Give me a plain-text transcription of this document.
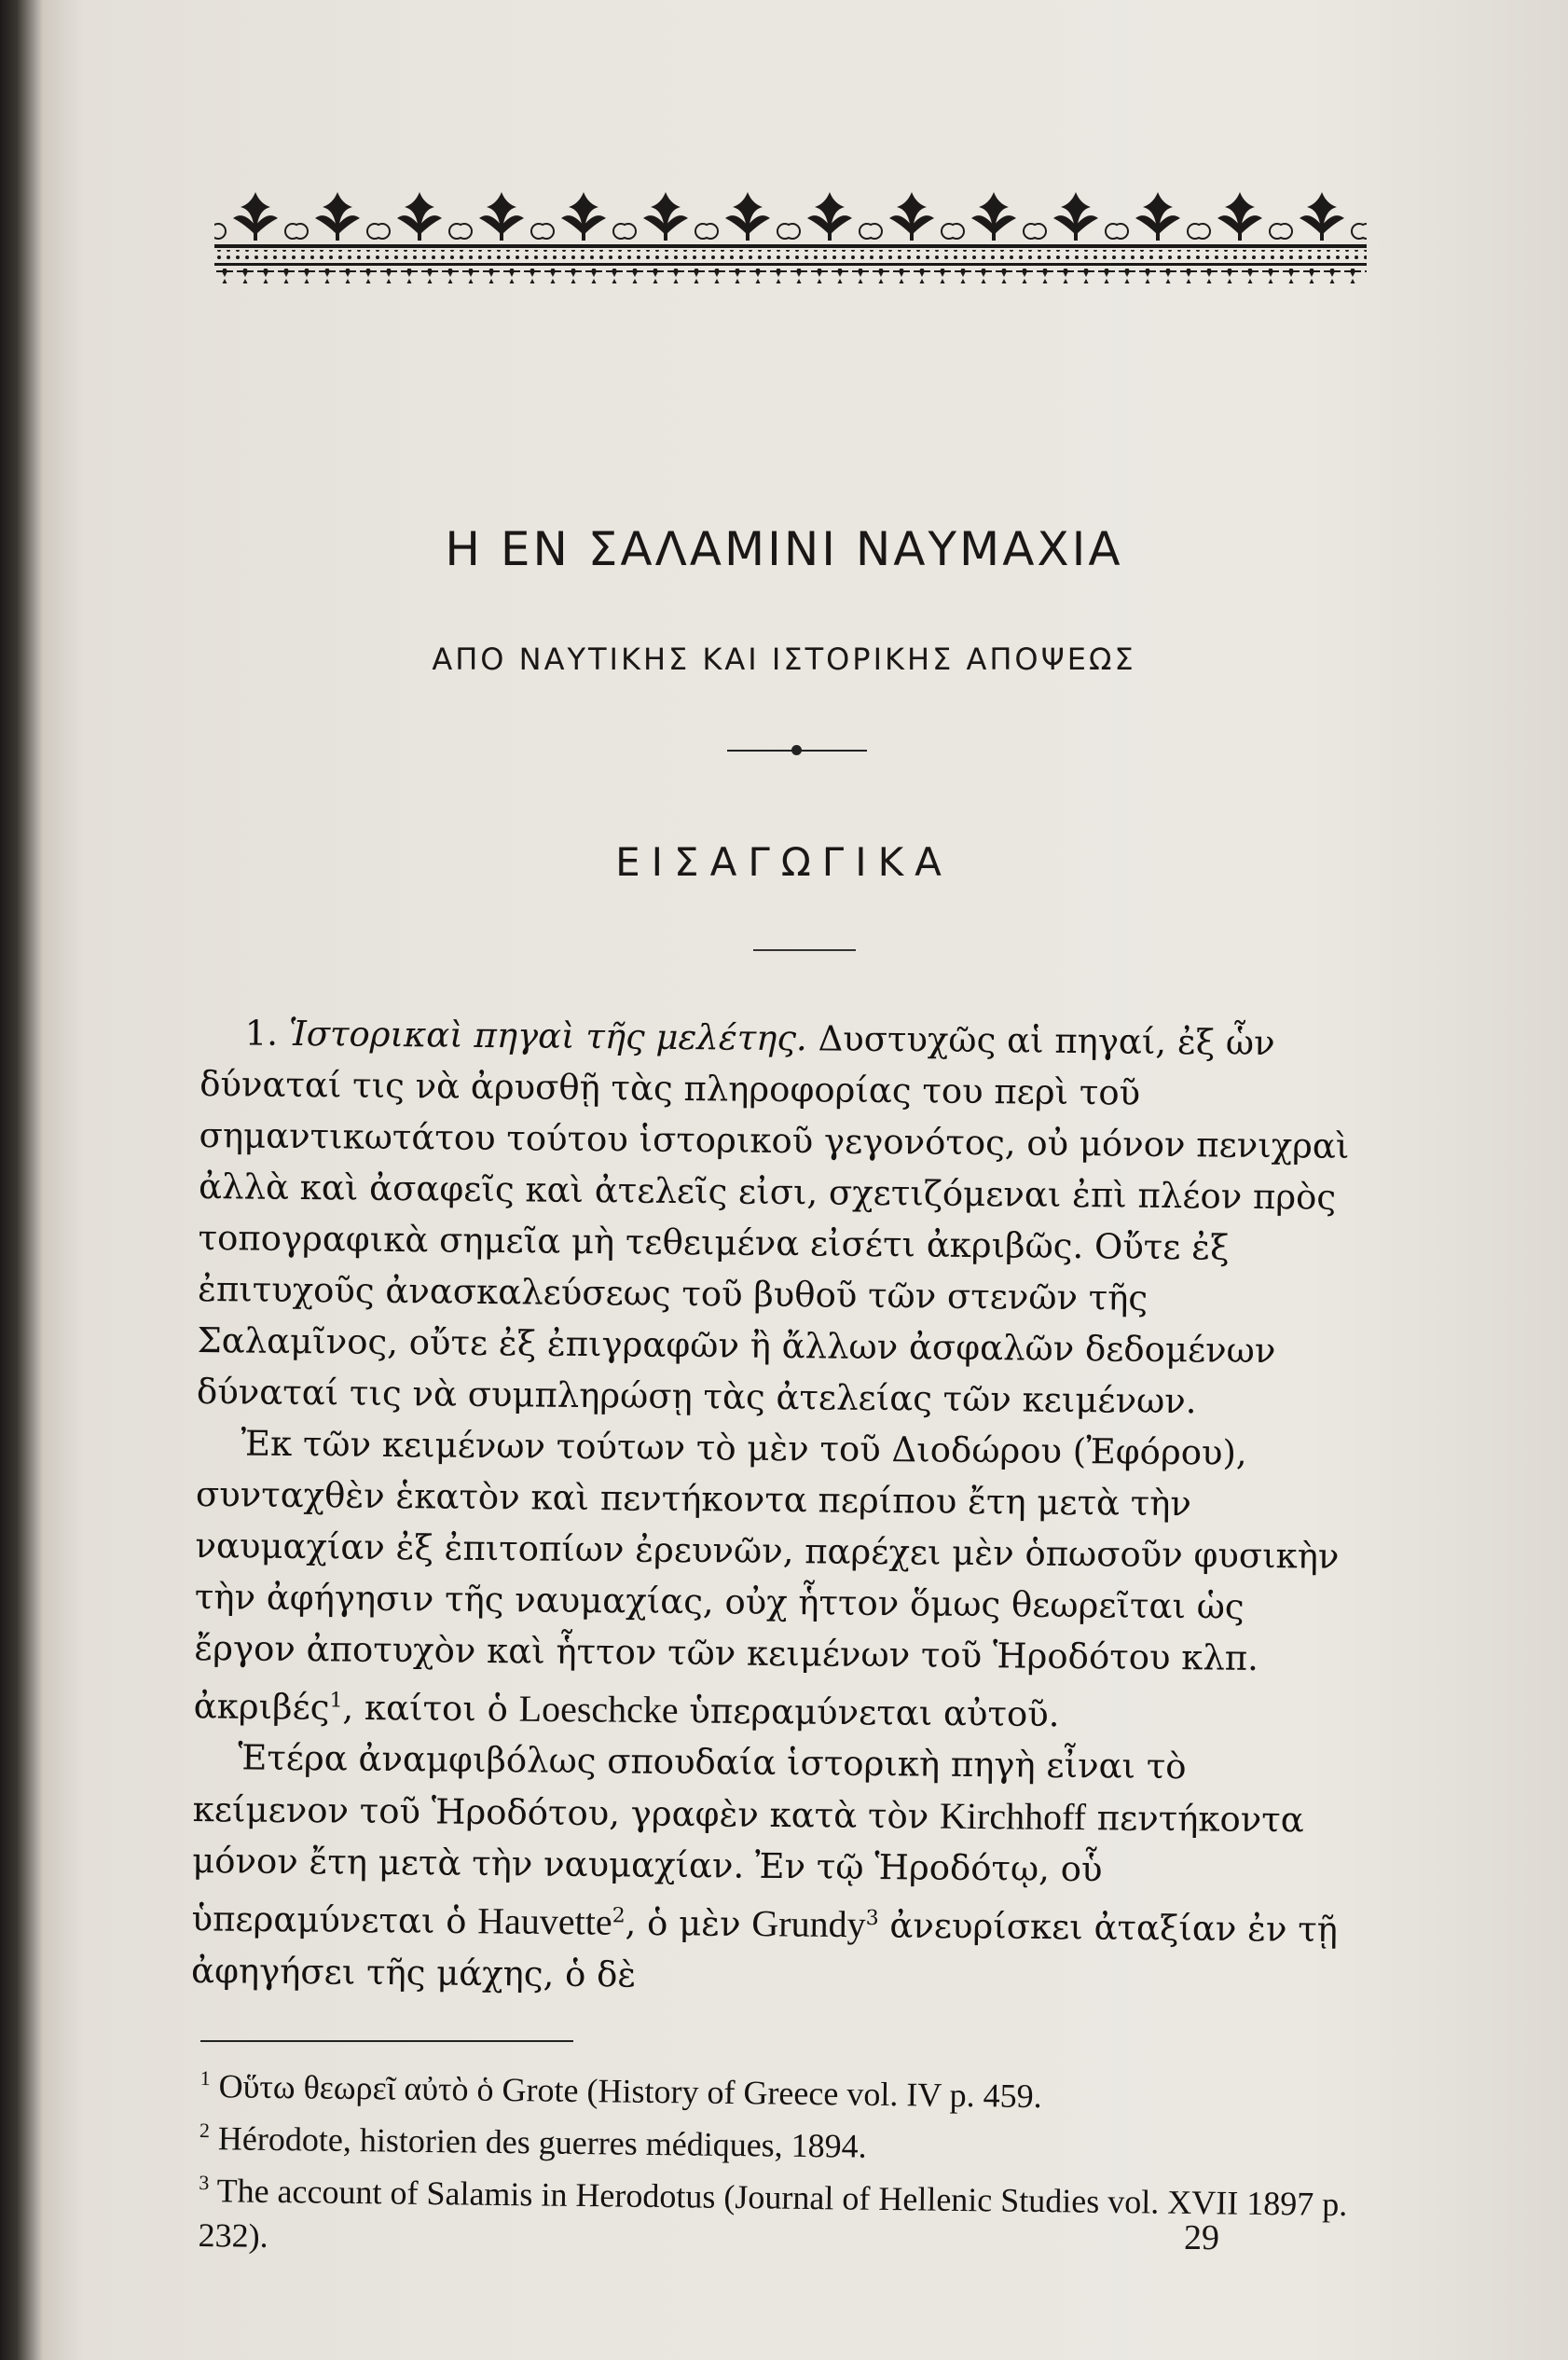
Η ΕΝ ΣΑΛΑΜΙΝΙ ΝΑΥΜΑΧΙΑ
ΑΠΟ ΝΑΥΤΙΚΗΣ ΚΑΙ ΙΣΤΟΡΙΚΗΣ ΑΠΟΨΕΩΣ
ΕΙΣΑΓΩΓΙΚΑ

1. Ἱστορικαὶ πηγαὶ τῆς μελέτης. Δυστυχῶς αἱ πηγαί, ἐξ ὧν δύναταί τις νὰ ἀρυσθῇ τὰς πληροφορίας του περὶ τοῦ σημαντικωτάτου τούτου ἱστορικοῦ γεγονότος, οὐ μόνον πενιχραὶ ἀλλὰ καὶ ἀσαφεῖς καὶ ἀτελεῖς εἰσι, σχετιζόμεναι ἐπὶ πλέον πρὸς τοπογραφικὰ σημεῖα μὴ τεθειμένα εἰσέτι ἀκριβῶς. Οὔτε ἐξ ἐπιτυχοῦς ἀνασκαλεύσεως τοῦ βυθοῦ τῶν στενῶν τῆς Σαλαμῖνος, οὔτε ἐξ ἐπιγραφῶν ἢ ἄλλων ἀσφαλῶν δεδομένων δύναταί τις νὰ συμπληρώσῃ τὰς ἀτελείας τῶν κειμένων.

Ἐκ τῶν κειμένων τούτων τὸ μὲν τοῦ Διοδώρου (Ἐφόρου), συνταχθὲν ἑκατὸν καὶ πεντήκοντα περίπου ἔτη μετὰ τὴν ναυμαχίαν ἐξ ἐπιτοπίων ἐρευνῶν, παρέχει μὲν ὁπωσοῦν φυσικὴν τὴν ἀφήγησιν τῆς ναυμαχίας, οὐχ ἧττον ὅμως θεωρεῖται ὡς ἔργον ἀποτυχὸν καὶ ἧττον τῶν κειμένων τοῦ Ἡροδότου κλπ. ἀκριβές$^1$, καίτοι ὁ Loeschcke ὑπεραμύνεται αὐτοῦ.

Ἑτέρα ἀναμφιβόλως σπουδαία ἱστορικὴ πηγὴ εἶναι τὸ κείμενον τοῦ Ἡροδότου, γραφὲν κατὰ τὸν Kirchhoff πεντήκοντα μόνον ἔτη μετὰ τὴν ναυμαχίαν. Ἐν τῷ Ἡροδότῳ, οὗ ὑπεραμύνεται ὁ Hauvette$^2$, ὁ μὲν Grundy$^3$ ἀνευρίσκει ἀταξίαν ἐν τῇ ἀφηγήσει τῆς μάχης, ὁ δὲ

$^1$ Οὕτω θεωρεῖ αὐτὸ ὁ Grote (History of Greece vol. IV p. 459.

$^2$ Hérodote, historien des guerres médiques, 1894.

$^3$ The account of Salamis in Herodotus (Journal of Hellenic Studies vol. XVII 1897 p. 232).	29
